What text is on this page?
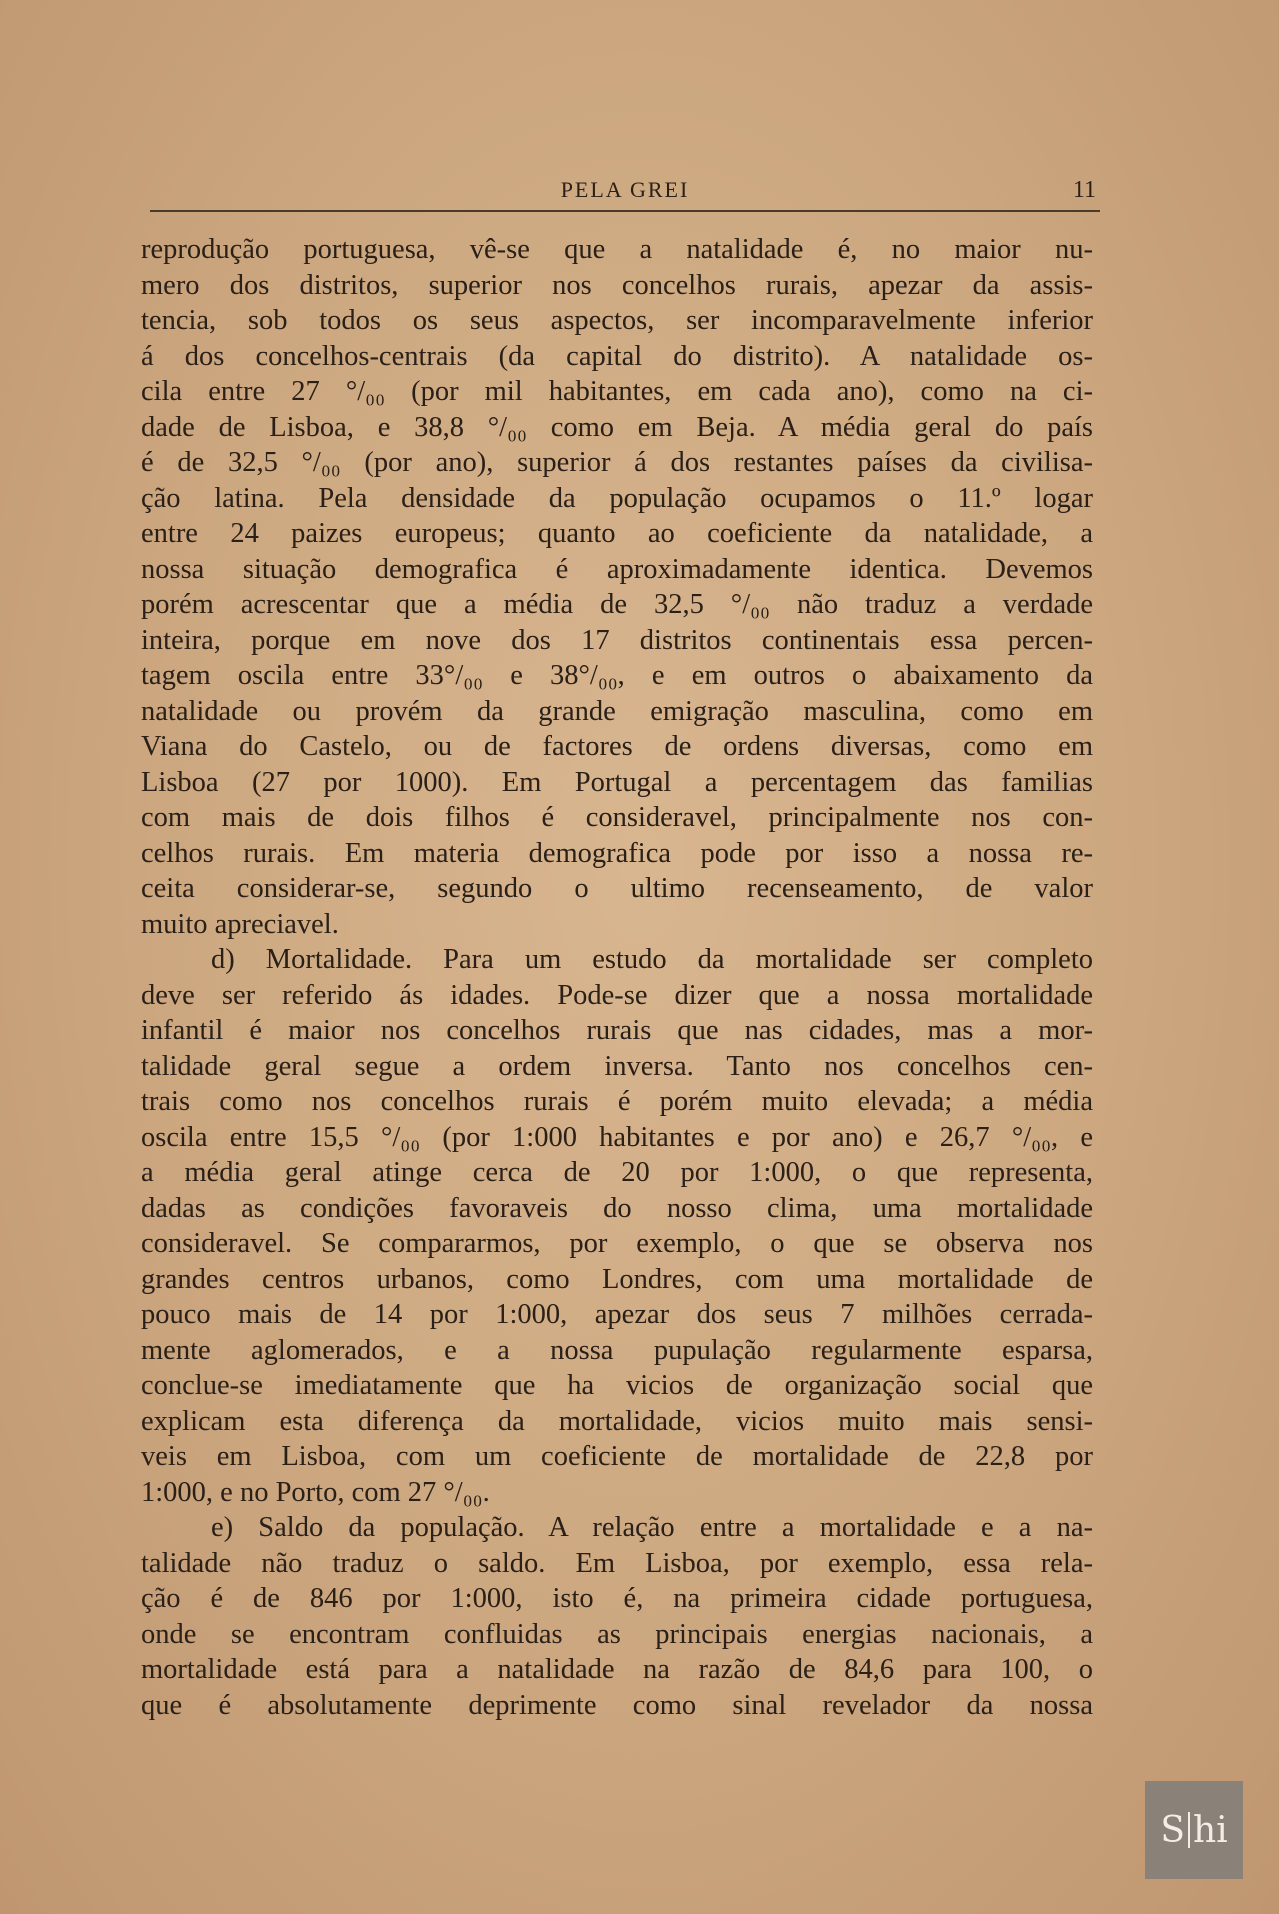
PELA GREI	11
reprodução portuguesa, vê-se que a natalidade é, no maior nu-
mero dos distritos, superior nos concelhos rurais, apezar da assis-
tencia, sob todos os seus aspectos, ser incomparavelmente inferior
á dos concelhos-centrais (da capital do distrito). A natalidade os-
cila entre 27 °/₀₀ (por mil habitantes, em cada ano), como na ci-
dade de Lisboa, e 38,8 °/₀₀ como em Beja. A média geral do país
é de 32,5 °/₀₀ (por ano), superior á dos restantes países da civilisa-
ção latina. Pela densidade da população ocupamos o 11.º logar
entre 24 paizes europeus; quanto ao coeficiente da natalidade, a
nossa situação demografica é aproximadamente identica. Devemos
porém acrescentar que a média de 32,5 °/₀₀ não traduz a verdade
inteira, porque em nove dos 17 distritos continentais essa percen-
tagem oscila entre 33°/₀₀ e 38°/₀₀, e em outros o abaixamento da
natalidade ou provém da grande emigração masculina, como em
Viana do Castelo, ou de factores de ordens diversas, como em
Lisboa (27 por 1000). Em Portugal a percentagem das familias
com mais de dois filhos é consideravel, principalmente nos con-
celhos rurais. Em materia demografica pode por isso a nossa re-
ceita considerar-se, segundo o ultimo recenseamento, de valor
muito apreciavel.
d) Mortalidade. Para um estudo da mortalidade ser completo
deve ser referido ás idades. Pode-se dizer que a nossa mortalidade
infantil é maior nos concelhos rurais que nas cidades, mas a mor-
talidade geral segue a ordem inversa. Tanto nos concelhos cen-
trais como nos concelhos rurais é porém muito elevada; a média
oscila entre 15,5 °/₀₀ (por 1:000 habitantes e por ano) e 26,7 °/₀₀, e
a média geral atinge cerca de 20 por 1:000, o que representa,
dadas as condições favoraveis do nosso clima, uma mortalidade
consideravel. Se compararmos, por exemplo, o que se observa nos
grandes centros urbanos, como Londres, com uma mortalidade de
pouco mais de 14 por 1:000, apezar dos seus 7 milhões cerrada-
mente aglomerados, e a nossa pupulação regularmente esparsa,
conclue-se imediatamente que ha vicios de organização social que
explicam esta diferença da mortalidade, vicios muito mais sensi-
veis em Lisboa, com um coeficiente de mortalidade de 22,8 por
1:000, e no Porto, com 27 °/₀₀.
e) Saldo da população. A relação entre a mortalidade e a na-
talidade não traduz o saldo. Em Lisboa, por exemplo, essa rela-
ção é de 846 por 1:000, isto é, na primeira cidade portuguesa,
onde se encontram confluidas as principais energias nacionais, a
mortalidade está para a natalidade na razão de 84,6 para 100, o
que é absolutamente deprimente como sinal revelador da nossa
S hi
